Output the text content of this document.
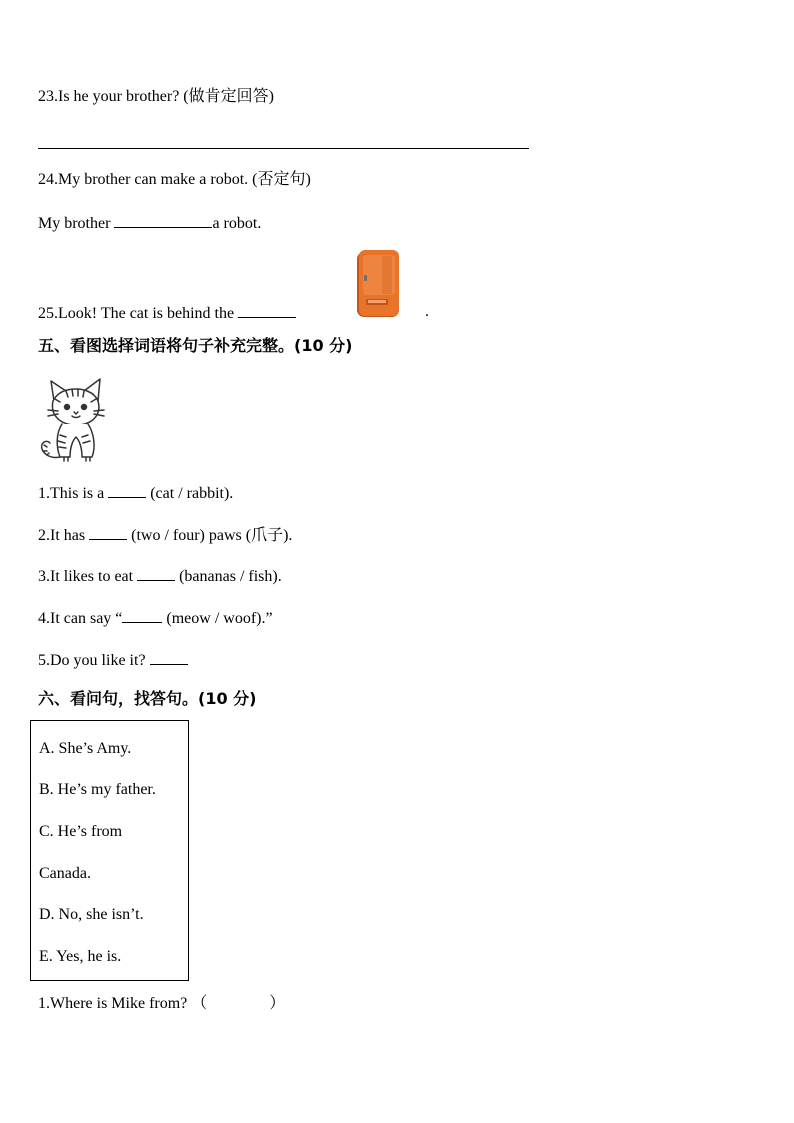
23.Is he your brother? (做肯定回答)
24.My brother can make a robot. (否定句)
My brother	a robot.
25.Look! The cat is behind the	.
五、看图选择词语将句子补充完整。(10 分)
1.This is a  (cat / rabbit).
2.It has  (two / four) paws (爪子).
3.It likes to eat  (bananas / fish).
4.It can say “	(meow / woof).”
5.Do you like it?
六、看问句，找答句。(10 分)
A. She’s Amy.
B. He’s my father.
C. He’s from
Canada.
D. No, she isn’t.
E. Yes, he is.
1.Where is Mike from? （	）
